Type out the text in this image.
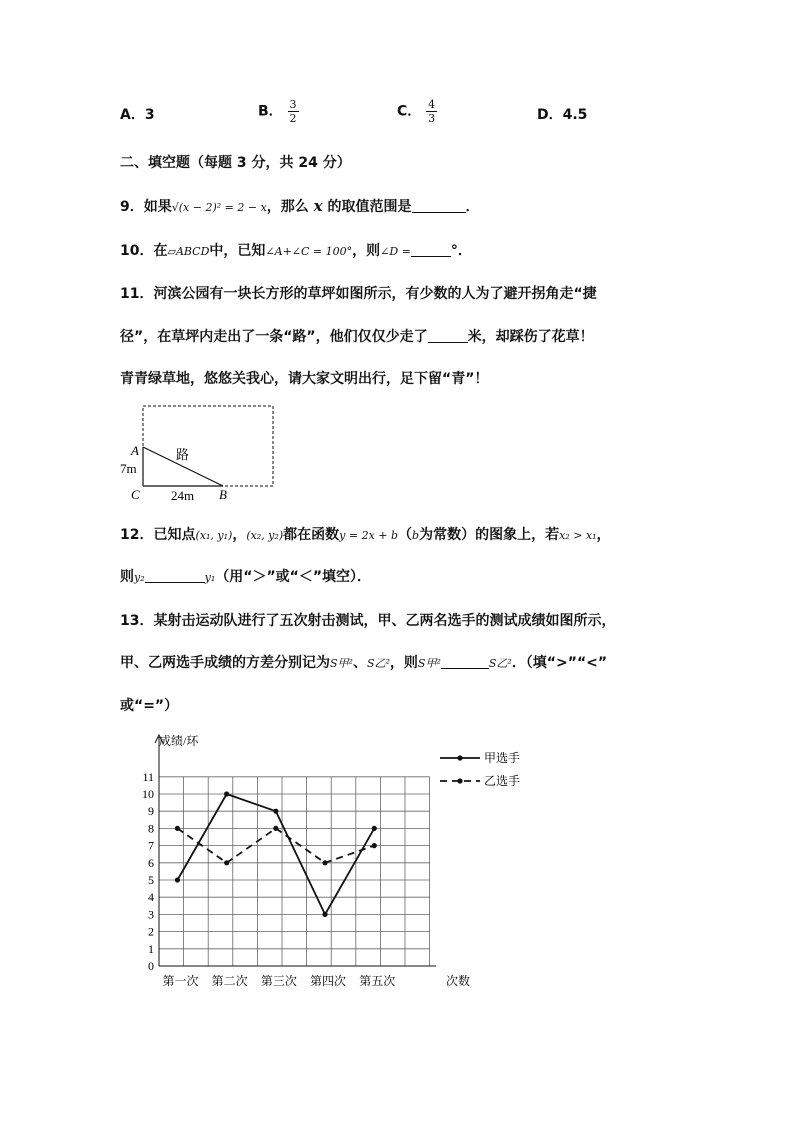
A．3	B． $\frac{3}{2}$	C． $\frac{4}{3}$	D．4.5
二、填空题（每题 3 分，共 24 分）
9．如果√(x − 2)² = 2 − x，那么 x 的取值范围是	．
10．在▱ABCD中，已知∠A+∠C = 100°，则∠D =	°．
11．河滨公园有一块长方形的草坪如图所示，有少数的人为了避开拐角走“捷
径”，在草坪内走出了一条“路”，他们仅仅少走了	米，却踩伤了花草！
青青绿草地，悠悠关我心，请大家文明出行，足下留“青”！
A
7m
C 24m B
路
12．已知点(x₁, y₁)，(x₂, y₂)都在函数y = 2x + b（b为常数）的图象上，若x₂ > x₁，
则y₂	y₁（用“＞”或“＜”填空）．
13．某射击运动队进行了五次射击测试，甲、乙两名选手的测试成绩如图所示，
甲、乙两选手成绩的方差分别记为S甲²、S乙²，则S甲²	S乙²．（填“>”“<”
或“=”）
成绩/环
次数
0
1
2
3
4
5
6
7
8
9
10
11
第一次 第二次 第三次 第四次 第五次
甲选手
乙选手
